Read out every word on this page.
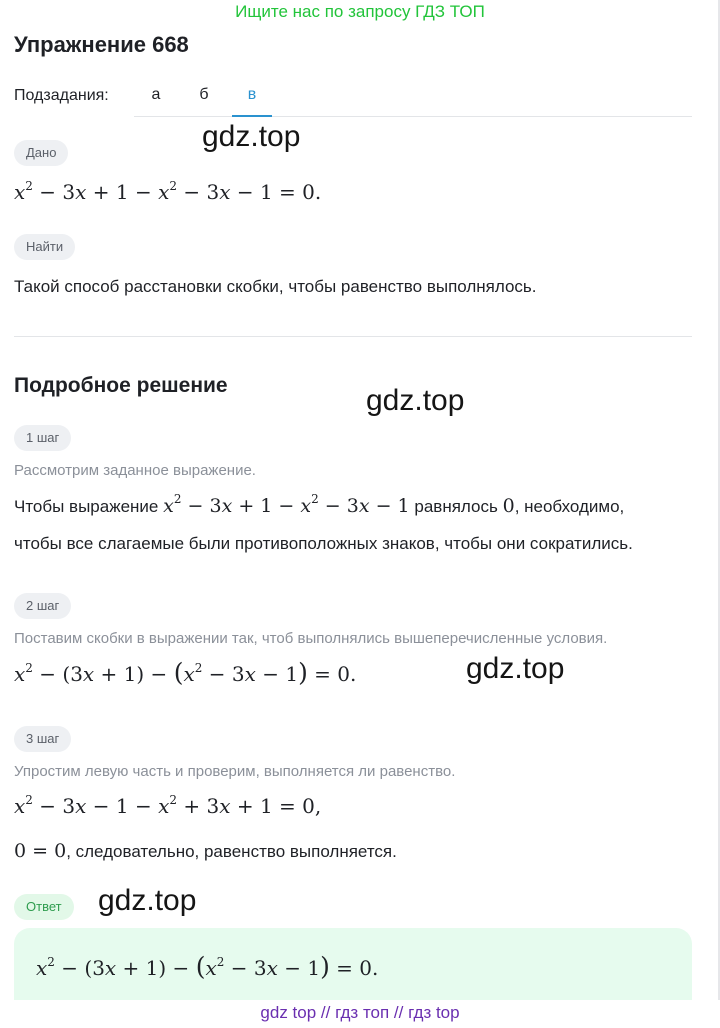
Ищите нас по запросу ГДЗ ТОП
Упражнение 668
Подзадания:	а	б	в
Дано	gdz.top
$x^2 - 3x + 1 - x^2 - 3x - 1 = 0$.
Найти
Такой способ расстановки скобки, чтобы равенство выполнялось.
Подробное решение	gdz.top
1 шаг
Рассмотрим заданное выражение.
Чтобы выражение $x^2 - 3x + 1 - x^2 - 3x - 1$ равнялось 0, необходимо,
чтобы все слагаемые были противоположных знаков, чтобы они сократились.
2 шаг
Поставим скобки в выражении так, чтоб выполнялись вышеперечисленные условия.
gdz.top
$x^2 - (3x + 1) - (x^2 - 3x - 1) = 0$.
3 шаг
Упростим левую часть и проверим, выполняется ли равенство.
$x^2 - 3x - 1 - x^2 + 3x + 1 = 0$,
0 = 0, следовательно, равенство выполняется.
Ответ	gdz.top
$x^2 - (3x + 1) - (x^2 - 3x - 1) = 0$.
gdz top // гдз топ // гдз top
